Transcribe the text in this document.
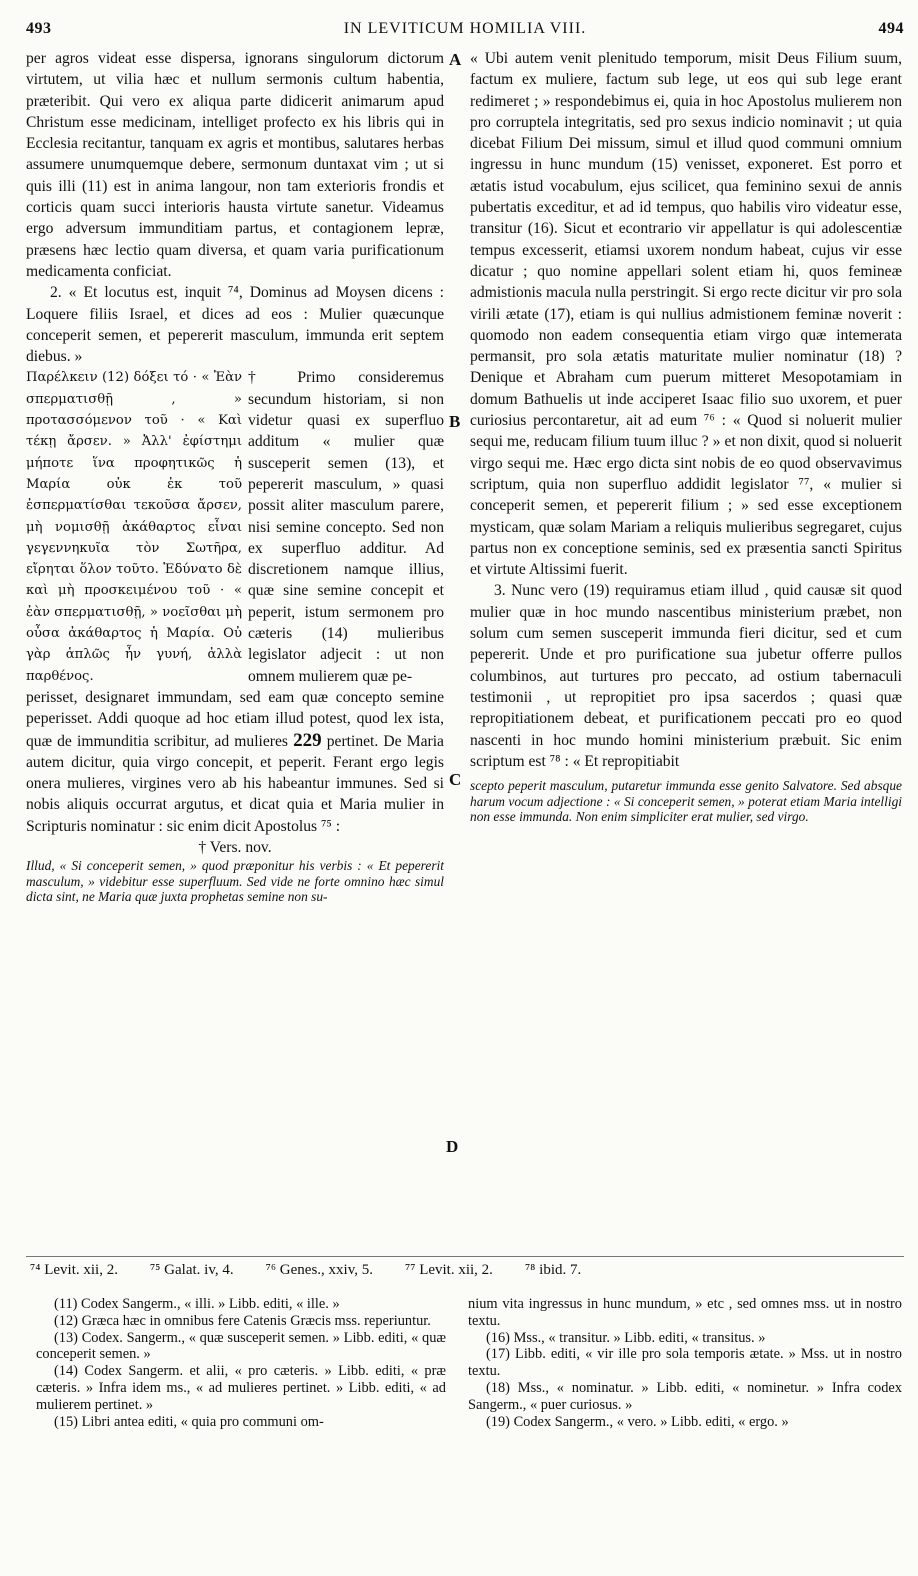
493	IN LEVITICUM HOMILIA VIII.	494
A
B
C
D

per agros videat esse dispersa, ignorans singulorum dictorum virtutem, ut vilia hæc et nullum sermonis cultum habentia, præteribit. Qui vero ex aliqua parte didicerit animarum apud Christum esse medicinam, intelliget profecto ex his libris qui in Ecclesia recitantur, tanquam ex agris et montibus, salutares herbas assumere unumquemque debere, sermonum duntaxat vim ; ut si quis illi (11) est in anima langour, non tam exterioris frondis et corticis quam succi interioris hausta virtute sanetur. Videamus ergo adversum immunditiam partus, et contagionem lepræ, præsens hæc lectio quam diversa, et quam varia purificationum medicamenta conficiat.

2. « Et locutus est, inquit ⁷⁴, Dominus ad Moysen dicens : Loquere filiis Israel, et dices ad eos : Mulier quæcunque conceperit semen, et pepererit masculum, immunda erit septem diebus. »

Παρέλκειν (12) δόξει τό · « Ἐὰν σπερματισθῇ , » προτασσόμενον τοῦ · « Καὶ τέκῃ ἄρσεν. » Ἀλλ' ἐφίστημι μήποτε ἵνα προφητικῶς ἡ Μαρία οὐκ ἐκ τοῦ ἐσπερματίσθαι τεκοῦσα ἄρσεν, μὴ νομισθῇ ἀκάθαρτος εἶναι γεγεννηκυῖα τὸν Σωτῆρα, εἴρηται ὅλον τοῦτο. Ἐδύνατο δὲ καὶ μὴ προσκειμένου τοῦ · « ἐὰν σπερματισθῇ, » νοεῖσθαι μὴ οὖσα ἀκάθαρτος ἡ Μαρία. Οὐ γὰρ ἁπλῶς ἦν γυνή, ἀλλὰ παρθένος.

† Primo consideremus secundum historiam, si non videtur quasi ex superfluo additum « mulier quæ susceperit semen (13), et pepererit masculum, » quasi possit aliter masculum parere, nisi semine concepto. Sed non ex superfluo additur. Ad discretionem namque illius, quæ sine semine concepit et peperit, istum sermonem pro cæteris (14) mulieribus legislator adjecit : ut non omnem mulierem quæ pe-

perisset, designaret immundam, sed eam quæ concepto semine peperisset. Addi quoque ad hoc etiam illud potest, quod lex ista, quæ de immunditia scribitur, ad mulieres 229 pertinet. De Maria autem dicitur, quia virgo concepit, et peperit. Ferant ergo legis onera mulieres, virgines vero ab his habeantur immunes. Sed si nobis aliquis occurrat argutus, et dicat quia et Maria mulier in Scripturis nominatur : sic enim dicit Apostolus ⁷⁵ :

† Vers. nov.

Illud, « Si conceperit semen, » quod præponitur his verbis : « Et pepererit masculum, » videbitur esse superfluum. Sed vide ne forte omnino hæc simul dicta sint, ne Maria quæ juxta prophetas semine non su-

« Ubi autem venit plenitudo temporum, misit Deus Filium suum, factum ex muliere, factum sub lege, ut eos qui sub lege erant redimeret ; » respondebimus ei, quia in hoc Apostolus mulierem non pro corruptela integritatis, sed pro sexus indicio nominavit ; ut quia dicebat Filium Dei missum, simul et illud quod communi omnium ingressu in hunc mundum (15) venisset, exponeret. Est porro et ætatis istud vocabulum, ejus scilicet, qua feminino sexui de annis pubertatis exceditur, et ad id tempus, quo habilis viro videatur esse, transitur (16). Sicut et econtrario vir appellatur is qui adolescentiæ tempus excesserit, etiamsi uxorem nondum habeat, cujus vir esse dicatur ; quo nomine appellari solent etiam hi, quos femineæ admistionis macula nulla perstringit. Si ergo recte dicitur vir pro sola virili ætate (17), etiam is qui nullius admistionem feminæ noverit : quomodo non eadem consequentia etiam virgo quæ intemerata permansit, pro sola ætatis maturitate mulier nominatur (18) ? Denique et Abraham cum puerum mitteret Mesopotamiam in domum Bathuelis ut inde acciperet Isaac filio suo uxorem, et puer curiosius percontaretur, ait ad eum ⁷⁶ : « Quod si noluerit mulier sequi me, reducam filium tuum illuc ? » et non dixit, quod si noluerit virgo sequi me. Hæc ergo dicta sint nobis de eo quod observavimus scriptum, quia non superfluo addidit legislator ⁷⁷, « mulier si conceperit semen, et pepererit filium ; » sed esse exceptionem mysticam, quæ solam Mariam a reliquis mulieribus segregaret, cujus partus non ex conceptione seminis, sed ex præsentia sancti Spiritus et virtute Altissimi fuerit.

3. Nunc vero (19) requiramus etiam illud , quid causæ sit quod mulier quæ in hoc mundo nascentibus ministerium præbet, non solum cum semen susceperit immunda fieri dicitur, sed et cum pepererit. Unde et pro purificatione sua jubetur offerre pullos columbinos, aut turtures pro peccato, ad ostium tabernaculi testimonii , ut repropitiet pro ipsa sacerdos ; quasi quæ repropitiationem debeat, et purificationem peccati pro eo quod nascenti in hoc mundo homini ministerium præbuit. Sic enim scriptum est ⁷⁸ : « Et repropitiabit

scepto peperit masculum, putaretur immunda esse genito Salvatore. Sed absque harum vocum adjectione : « Si conceperit semen, » poterat etiam Maria intelligi non esse immunda. Non enim simpliciter erat mulier, sed virgo.

⁷⁴ Levit. xii, 2. ⁷⁵ Galat. iv, 4. ⁷⁶ Genes., xxiv, 5. ⁷⁷ Levit. xii, 2. ⁷⁸ ibid. 7.

(11) Codex Sangerm., « illi. » Libb. editi, « ille. »

(12) Græca hæc in omnibus fere Catenis Græcis mss. reperiuntur.

(13) Codex. Sangerm., « quæ susceperit semen. » Libb. editi, « quæ conceperit semen. »

(14) Codex Sangerm. et alii, « pro cæteris. » Libb. editi, « præ cæteris. » Infra idem ms., « ad mulieres pertinet. » Libb. editi, « ad mulierem pertinet. »

(15) Libri antea editi, « quia pro communi om-

nium vita ingressus in hunc mundum, » etc , sed omnes mss. ut in nostro textu.

(16) Mss., « transitur. » Libb. editi, « transitus. »

(17) Libb. editi, « vir ille pro sola temporis ætate. » Mss. ut in nostro textu.

(18) Mss., « nominatur. » Libb. editi, « nominetur. » Infra codex Sangerm., « puer curiosus. »

(19) Codex Sangerm., « vero. » Libb. editi, « ergo. »
